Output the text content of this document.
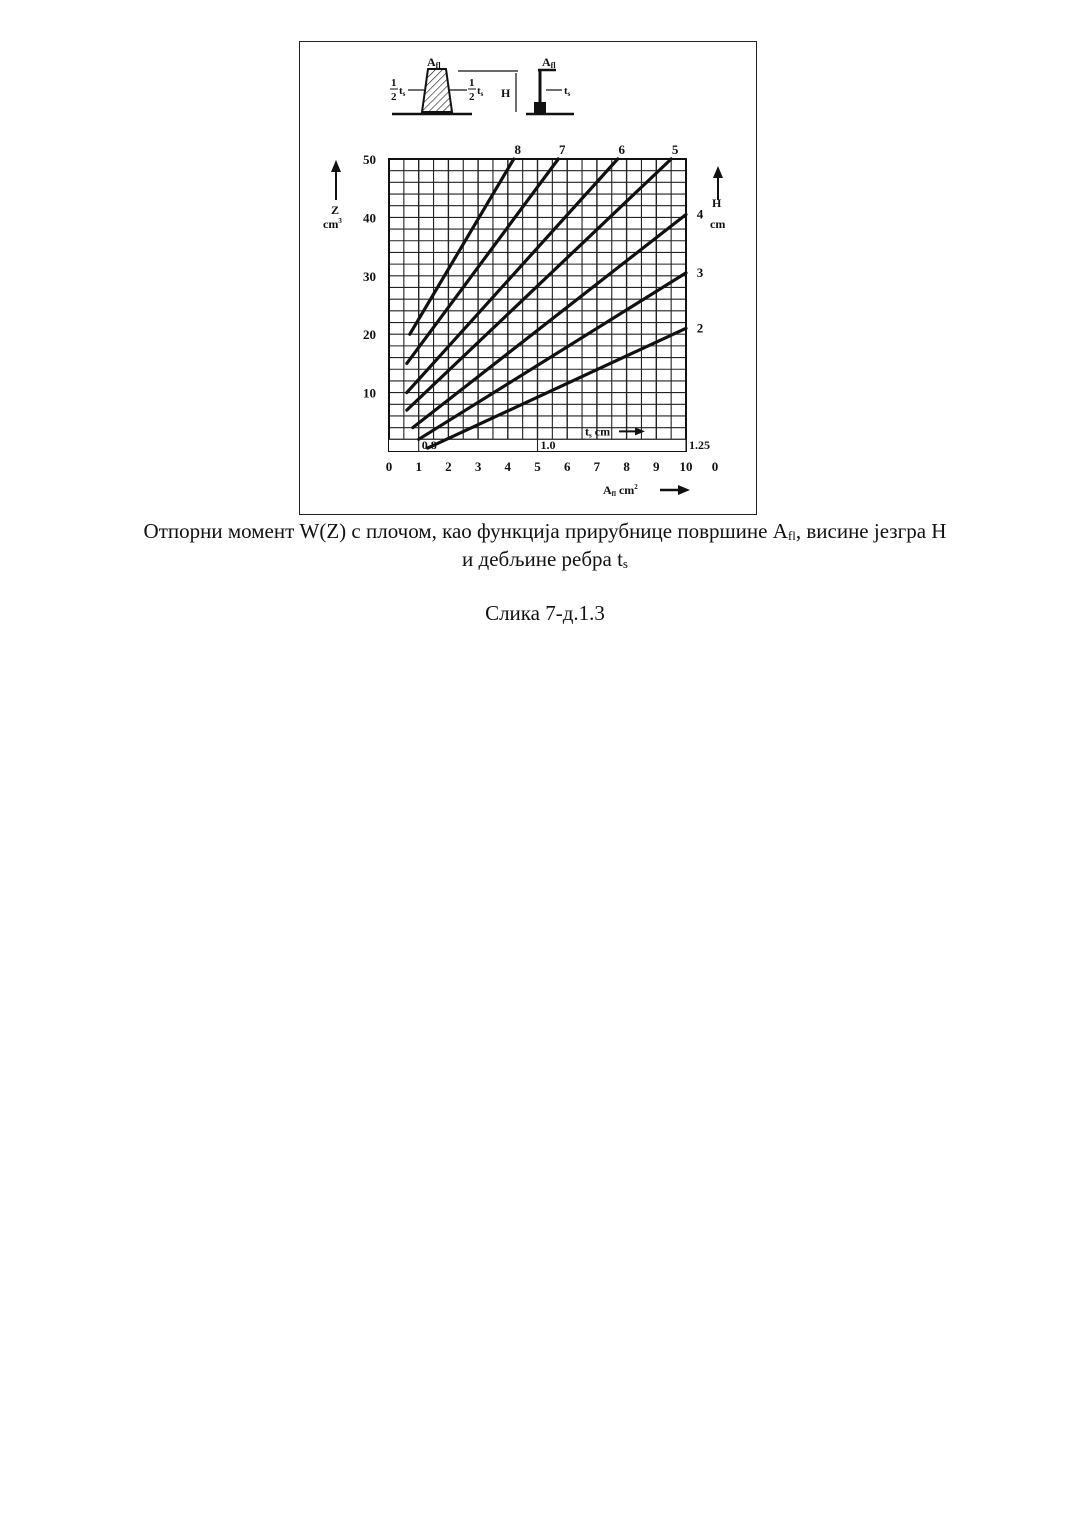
Afl
1
2 ts
1
2 ts H
Afl
ts
0.8	1.0	1.25
ts cm
8	7	6	5
4
3
2
0 1 2 3 4 5 6 7 8 9 10 0
10
20
30
40
50
Z
$cm^3$
H
cm
Afl $cm^2$
Отпорни момент W(Z) с плочом, као функција прирубнице површине $A_{fl}$, висине језгра H
и дебљине ребра $t_s$
Слика 7-д.1.3
